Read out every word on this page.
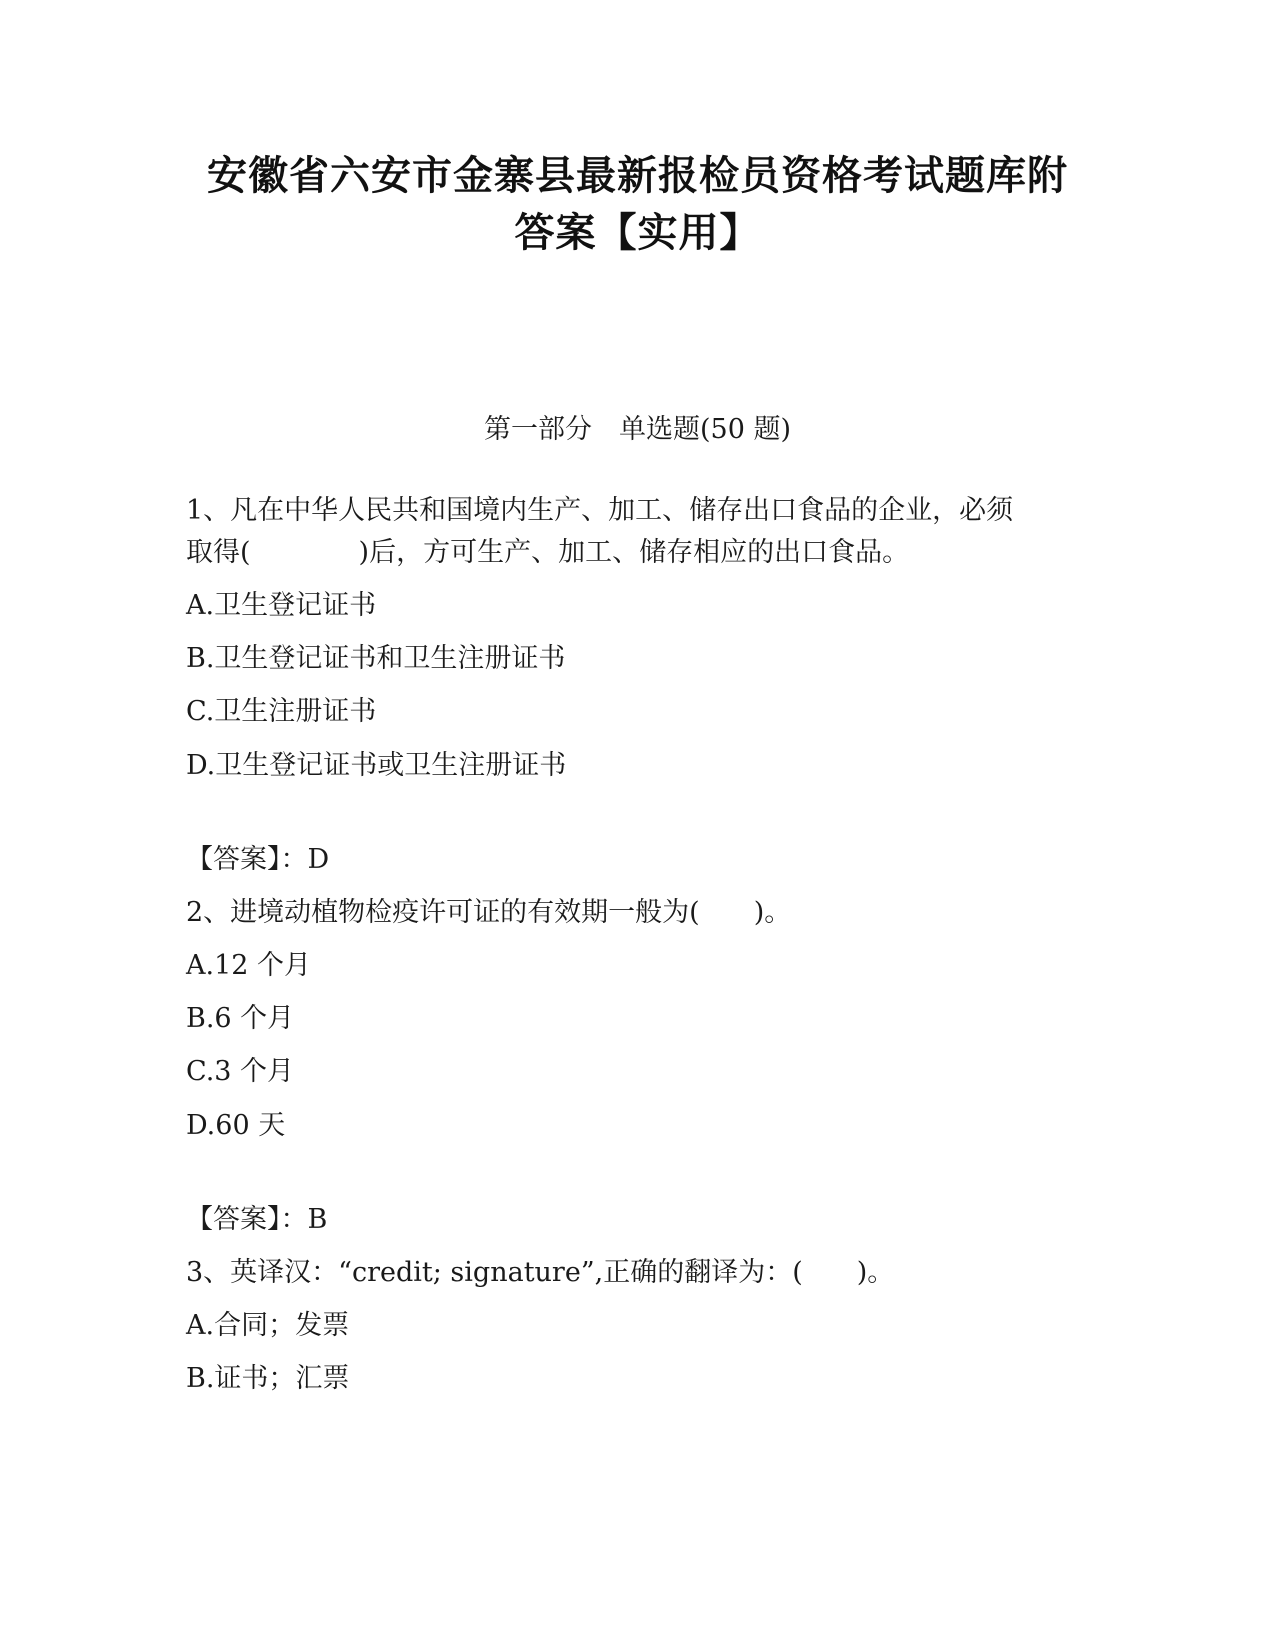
安徽省六安市金寨县最新报检员资格考试题库附
答案【实用】
第一部分　单选题(50 题)
1、凡在中华人民共和国境内生产、加工、储存出口食品的企业，必须
取得(　　　　)后，方可生产、加工、储存相应的出口食品。
A.卫生登记证书
B.卫生登记证书和卫生注册证书
C.卫生注册证书
D.卫生登记证书或卫生注册证书
【答案】：D
2、进境动植物检疫许可证的有效期一般为(　　)。
A.12 个月
B.6 个月
C.3 个月
D.60 天
【答案】：B
3、英译汉：“credit; signature”,正确的翻译为：(　　)。
A.合同；发票
B.证书；汇票
